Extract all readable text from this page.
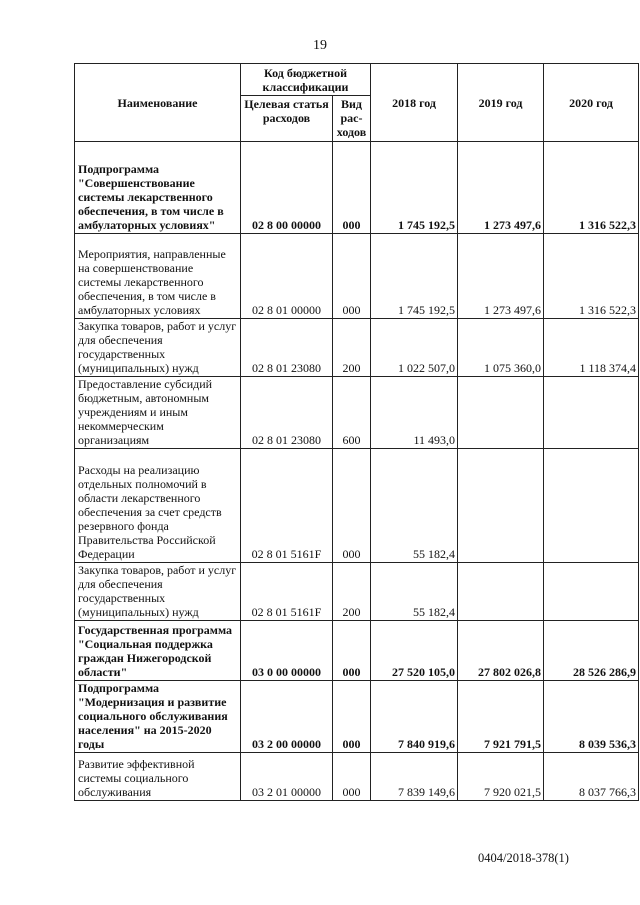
19
Наименование	Код бюджетной классификации		2018 год	2019 год	2020 год
	Целевая статья расходов	Вид рас-ходов			
Подпрограмма "Совершенствование системы лекарственного обеспечения, в том числе в амбулаторных условиях"	02 8 00 00000	000	1 745 192,5	1 273 497,6	1 316 522,3
Мероприятия, направленные на совершенствование системы лекарственного обеспечения, в том числе в амбулаторных условиях	02 8 01 00000	000	1 745 192,5	1 273 497,6	1 316 522,3
Закупка товаров, работ и услуг для обеспечения государственных (муниципальных) нужд	02 8 01 23080	200	1 022 507,0	1 075 360,0	1 118 374,4
Предоставление субсидий бюджетным, автономным учреждениям и иным некоммерческим организациям	02 8 01 23080	600	11 493,0		
Расходы на реализацию отдельных полномочий в области лекарственного обеспечения за счет средств резервного фонда Правительства Российской Федерации	02 8 01 5161F	000	55 182,4		
Закупка товаров, работ и услуг для обеспечения государственных (муниципальных) нужд	02 8 01 5161F	200	55 182,4		
Государственная программа "Социальная поддержка граждан Нижегородской области"	03 0 00 00000	000	27 520 105,0	27 802 026,8	28 526 286,9
Подпрограмма "Модернизация и развитие социального обслуживания населения" на 2015-2020 годы	03 2 00 00000	000	7 840 919,6	7 921 791,5	8 039 536,3
Развитие эффективной системы социального обслуживания	03 2 01 00000	000	7 839 149,6	7 920 021,5	8 037 766,3
0404/2018-378(1)
